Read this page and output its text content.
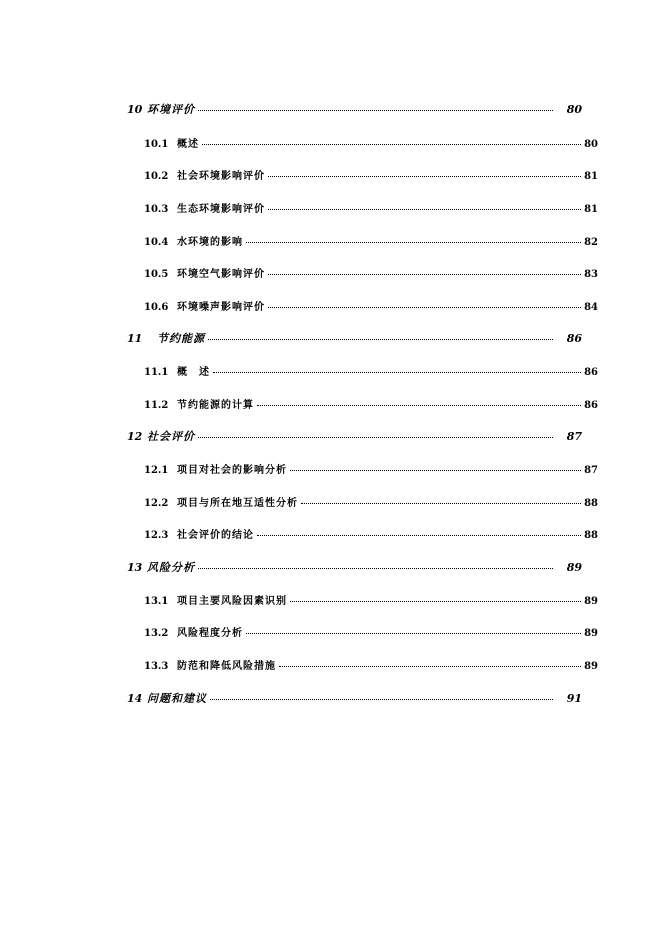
10 环境评价	80
10.1 概述	80
10.2 社会环境影响评价	81
10.3 生态环境影响评价	81
10.4 水环境的影响	82
10.5 环境空气影响评价	83
10.6 环境噪声影响评价	84
11	节约能源	86
11.1 概　述	86
11.2 节约能源的计算	86
12 社会评价	87
12.1 项目对社会的影响分析	87
12.2 项目与所在地互适性分析	88
12.3 社会评价的结论	88
13 风险分析	89
13.1 项目主要风险因素识别	89
13.2 风险程度分析	89
13.3 防范和降低风险措施	89
14 问题和建议	91
